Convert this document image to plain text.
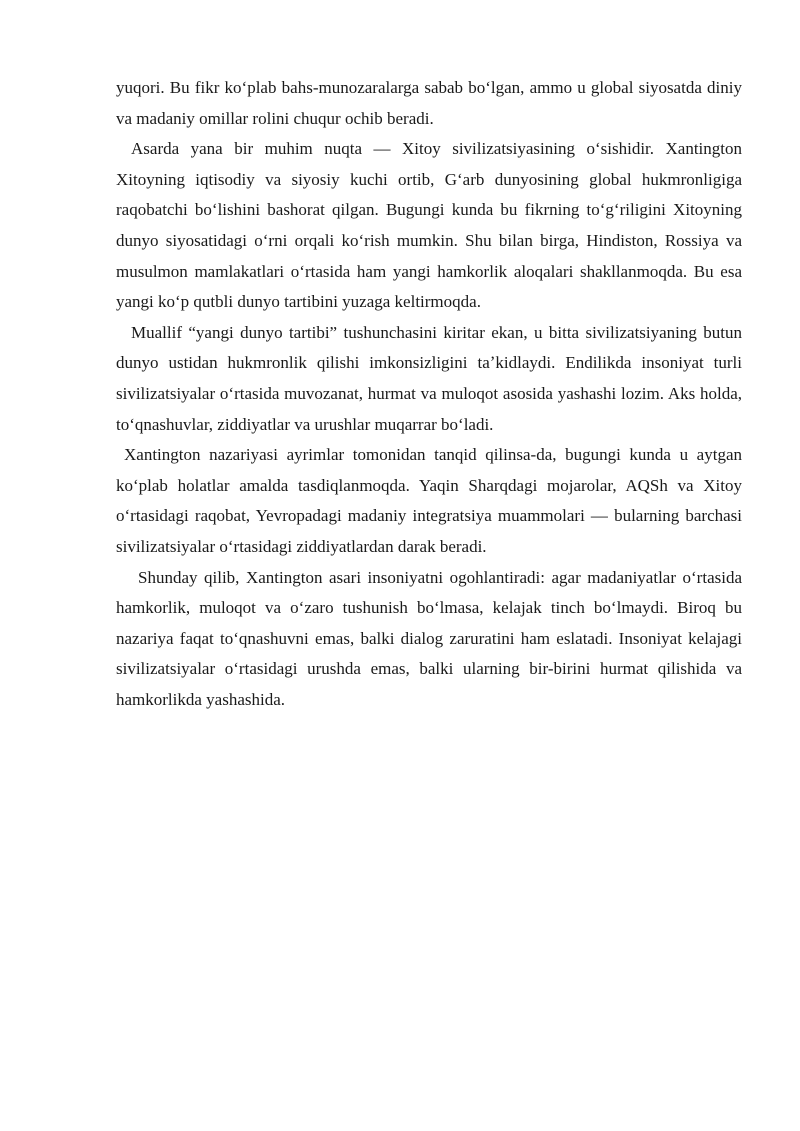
yuqori. Bu fikr koʻplab bahs-munozaralarga sabab boʻlgan, ammo u global siyosatda diniy va madaniy omillar rolini chuqur ochib beradi.

Asarda yana bir muhim nuqta — Xitoy sivilizatsiyasining oʻsishidir. Xantington Xitoyning iqtisodiy va siyosiy kuchi ortib, Gʻarb dunyosining global hukmronligiga raqobatchi boʻlishini bashorat qilgan. Bugungi kunda bu fikrning toʻgʻriligini Xitoyning dunyo siyosatidagi oʻrni orqali koʻrish mumkin. Shu bilan birga, Hindiston, Rossiya va musulmon mamlakatlari oʻrtasida ham yangi hamkorlik aloqalari shakllanmoqda. Bu esa yangi koʻp qutbli dunyo tartibini yuzaga keltirmoqda.

Muallif “yangi dunyo tartibi” tushunchasini kiritar ekan, u bitta sivilizatsiyaning butun dunyo ustidan hukmronlik qilishi imkonsizligini taʼkidlaydi. Endilikda insoniyat turli sivilizatsiyalar oʻrtasida muvozanat, hurmat va muloqot asosida yashashi lozim. Aks holda, toʻqnashuvlar, ziddiyatlar va urushlar muqarrar boʻladi.

Xantington nazariyasi ayrimlar tomonidan tanqid qilinsa-da, bugungi kunda u aytgan koʻplab holatlar amalda tasdiqlanmoqda. Yaqin Sharqdagi mojarolar, AQSh va Xitoy oʻrtasidagi raqobat, Yevropadagi madaniy integratsiya muammolari — bularning barchasi sivilizatsiyalar oʻrtasidagi ziddiyatlardan darak beradi.

Shunday qilib, Xantington asari insoniyatni ogohlantiradi: agar madaniyatlar oʻrtasida hamkorlik, muloqot va oʻzaro tushunish boʻlmasa, kelajak tinch boʻlmaydi. Biroq bu nazariya faqat toʻqnashuvni emas, balki dialog zaruratini ham eslatadi. Insoniyat kelajagi sivilizatsiyalar oʻrtasidagi urushda emas, balki ularning bir-birini hurmat qilishida va hamkorlikda yashashida.
